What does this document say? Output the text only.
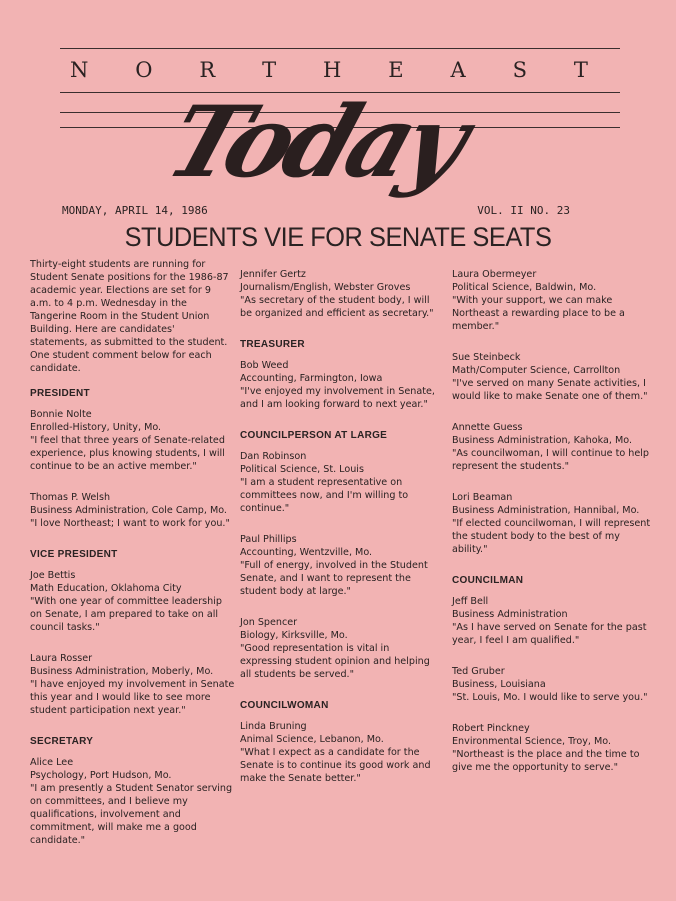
N O R T H E A S T
Today
MONDAY, APRIL 14, 1986	VOL. II NO. 23
STUDENTS VIE FOR SENATE SEATS

Thirty-eight students are running for Student Senate positions for the 1986-87 academic year. Elections are set for 9 a.m. to 4 p.m. Wednesday in the Tangerine Room in the Student Union Building. Here are candidates' statements, as submitted to the student. One student comment below for each candidate.

PRESIDENT
Bonnie Nolte
Enrolled-History, Unity, Mo.
"I feel that three years of Senate-related experience, plus knowing students, I will continue to be an active member."
Thomas P. Welsh
Business Administration, Cole Camp, Mo.
"I love Northeast; I want to work for you."
VICE PRESIDENT
Joe Bettis
Math Education, Oklahoma City
"With one year of committee leadership on Senate, I am prepared to take on all council tasks."
Laura Rosser
Business Administration, Moberly, Mo.
"I have enjoyed my involvement in Senate this year and I would like to see more student participation next year."
SECRETARY
Alice Lee
Psychology, Port Hudson, Mo.
"I am presently a Student Senator serving on committees, and I believe my qualifications, involvement and commitment, will make me a good candidate."
Jennifer Gertz
Journalism/English, Webster Groves
"As secretary of the student body, I will be organized and efficient as secretary."
TREASURER
Bob Weed
Accounting, Farmington, Iowa
"I've enjoyed my involvement in Senate, and I am looking forward to next year."
COUNCILPERSON AT LARGE
Dan Robinson
Political Science, St. Louis
"I am a student representative on committees now, and I'm willing to continue."
Paul Phillips
Accounting, Wentzville, Mo.
"Full of energy, involved in the Student Senate, and I want to represent the student body at large."
Jon Spencer
Biology, Kirksville, Mo.
"Good representation is vital in expressing student opinion and helping all students be served."
COUNCILWOMAN
Linda Bruning
Animal Science, Lebanon, Mo.
"What I expect as a candidate for the Senate is to continue its good work and make the Senate better."
Laura Obermeyer
Political Science, Baldwin, Mo.
"With your support, we can make Northeast a rewarding place to be a member."
Sue Steinbeck
Math/Computer Science, Carrollton
"I've served on many Senate activities, I would like to make Senate one of them."
Annette Guess
Business Administration, Kahoka, Mo.
"As councilwoman, I will continue to help represent the students."
Lori Beaman
Business Administration, Hannibal, Mo.
"If elected councilwoman, I will represent the student body to the best of my ability."
COUNCILMAN
Jeff Bell
Business Administration
"As I have served on Senate for the past year, I feel I am qualified."
Ted Gruber
Business, Louisiana
"St. Louis, Mo. I would like to serve you."
Robert Pinckney
Environmental Science, Troy, Mo.
"Northeast is the place and the time to give me the opportunity to serve."
